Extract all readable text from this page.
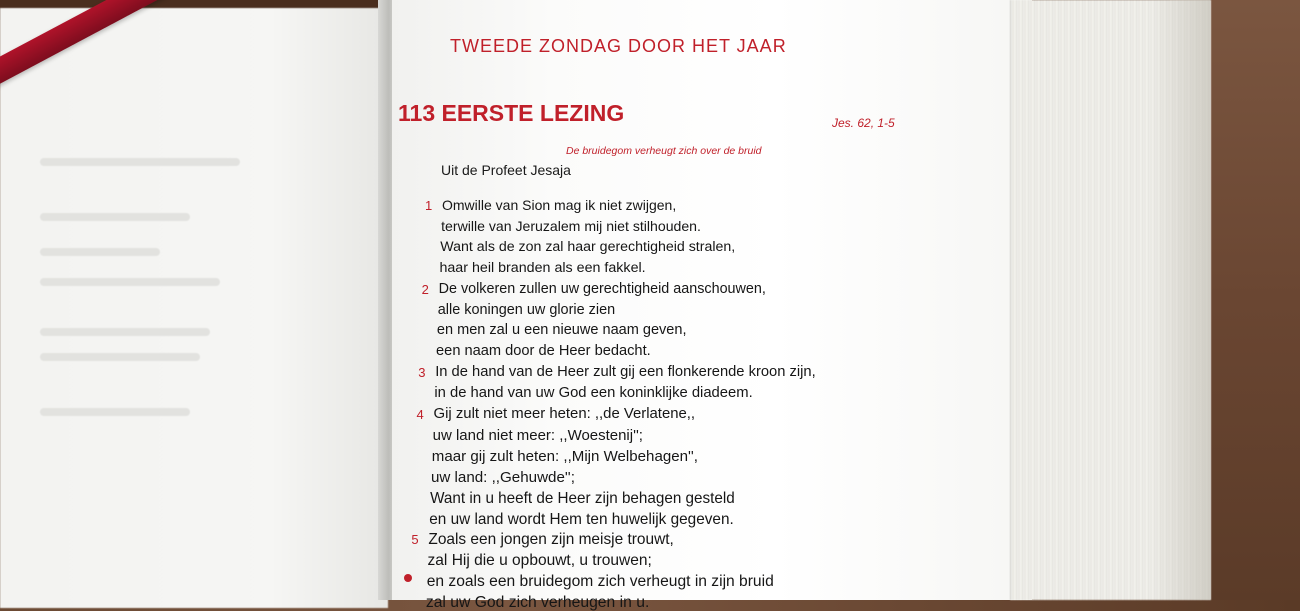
TWEEDE ZONDAG DOOR HET JAAR
113 EERSTE LEZING	Jes. 62, 1-5
De bruidegom verheugt zich over de bruid
Uit de Profeet Jesaja
1 Omwille van Sion mag ik niet zwijgen,
terwille van Jeruzalem mij niet stilhouden.
Want als de zon zal haar gerechtigheid stralen,
haar heil branden als een fakkel.
2 De volkeren zullen uw gerechtigheid aanschouwen,
alle koningen uw glorie zien
en men zal u een nieuwe naam geven,
een naam door de Heer bedacht.
3 In de hand van de Heer zult gij een flonkerende kroon zijn,
in de hand van uw God een koninklijke diadeem.
4 Gij zult niet meer heten: ,,de Verlatene,,
uw land niet meer: ,,Woestenij'';
maar gij zult heten: ,,Mijn Welbehagen'',
uw land: ,,Gehuwde'';
Want in u heeft de Heer zijn behagen gesteld
en uw land wordt Hem ten huwelijk gegeven.
5 Zoals een jongen zijn meisje trouwt,
zal Hij die u opbouwt, u trouwen;
en zoals een bruidegom zich verheugt in zijn bruid
zal uw God zich verheugen in u.
